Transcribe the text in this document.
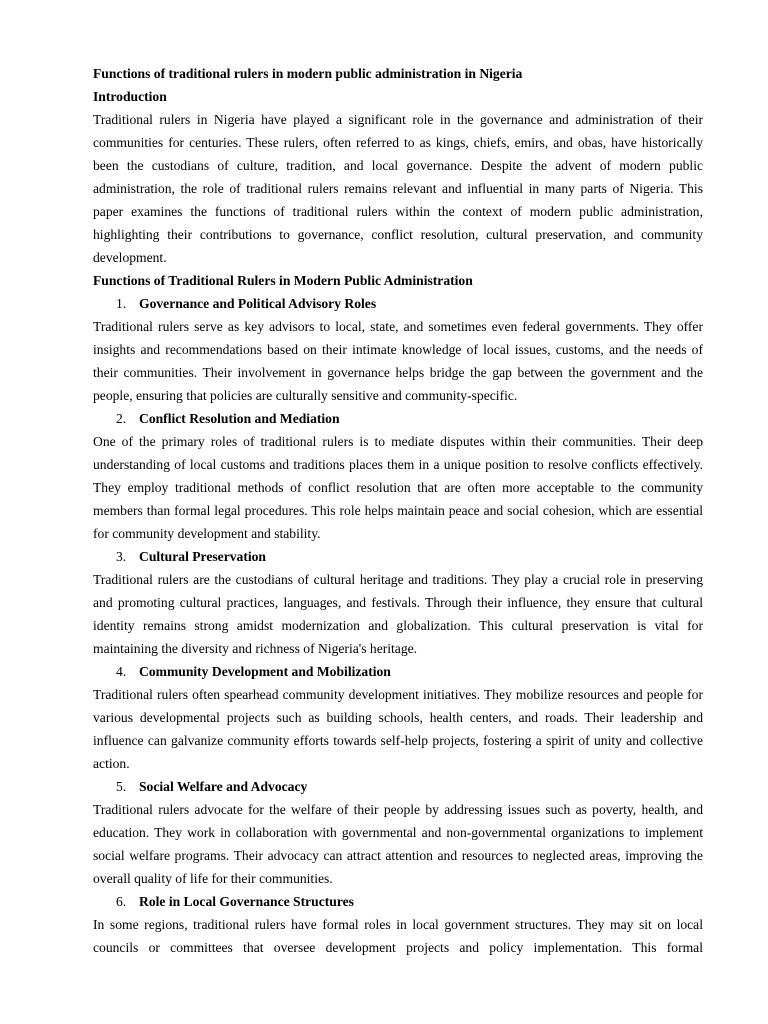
Functions of traditional rulers in modern public administration in Nigeria
Introduction

Traditional rulers in Nigeria have played a significant role in the governance and administration of their communities for centuries. These rulers, often referred to as kings, chiefs, emirs, and obas, have historically been the custodians of culture, tradition, and local governance. Despite the advent of modern public administration, the role of traditional rulers remains relevant and influential in many parts of Nigeria. This paper examines the functions of traditional rulers within the context of modern public administration, highlighting their contributions to governance, conflict resolution, cultural preservation, and community development.

Functions of Traditional Rulers in Modern Public Administration
1. Governance and Political Advisory Roles

Traditional rulers serve as key advisors to local, state, and sometimes even federal governments. They offer insights and recommendations based on their intimate knowledge of local issues, customs, and the needs of their communities. Their involvement in governance helps bridge the gap between the government and the people, ensuring that policies are culturally sensitive and community-specific.

2. Conflict Resolution and Mediation

One of the primary roles of traditional rulers is to mediate disputes within their communities. Their deep understanding of local customs and traditions places them in a unique position to resolve conflicts effectively. They employ traditional methods of conflict resolution that are often more acceptable to the community members than formal legal procedures. This role helps maintain peace and social cohesion, which are essential for community development and stability.

3. Cultural Preservation

Traditional rulers are the custodians of cultural heritage and traditions. They play a crucial role in preserving and promoting cultural practices, languages, and festivals. Through their influence, they ensure that cultural identity remains strong amidst modernization and globalization. This cultural preservation is vital for maintaining the diversity and richness of Nigeria's heritage.

4. Community Development and Mobilization

Traditional rulers often spearhead community development initiatives. They mobilize resources and people for various developmental projects such as building schools, health centers, and roads. Their leadership and influence can galvanize community efforts towards self-help projects, fostering a spirit of unity and collective action.

5. Social Welfare and Advocacy

Traditional rulers advocate for the welfare of their people by addressing issues such as poverty, health, and education. They work in collaboration with governmental and non-governmental organizations to implement social welfare programs. Their advocacy can attract attention and resources to neglected areas, improving the overall quality of life for their communities.

6. Role in Local Governance Structures

In some regions, traditional rulers have formal roles in local government structures. They may sit on local councils or committees that oversee development projects and policy implementation. This formal
